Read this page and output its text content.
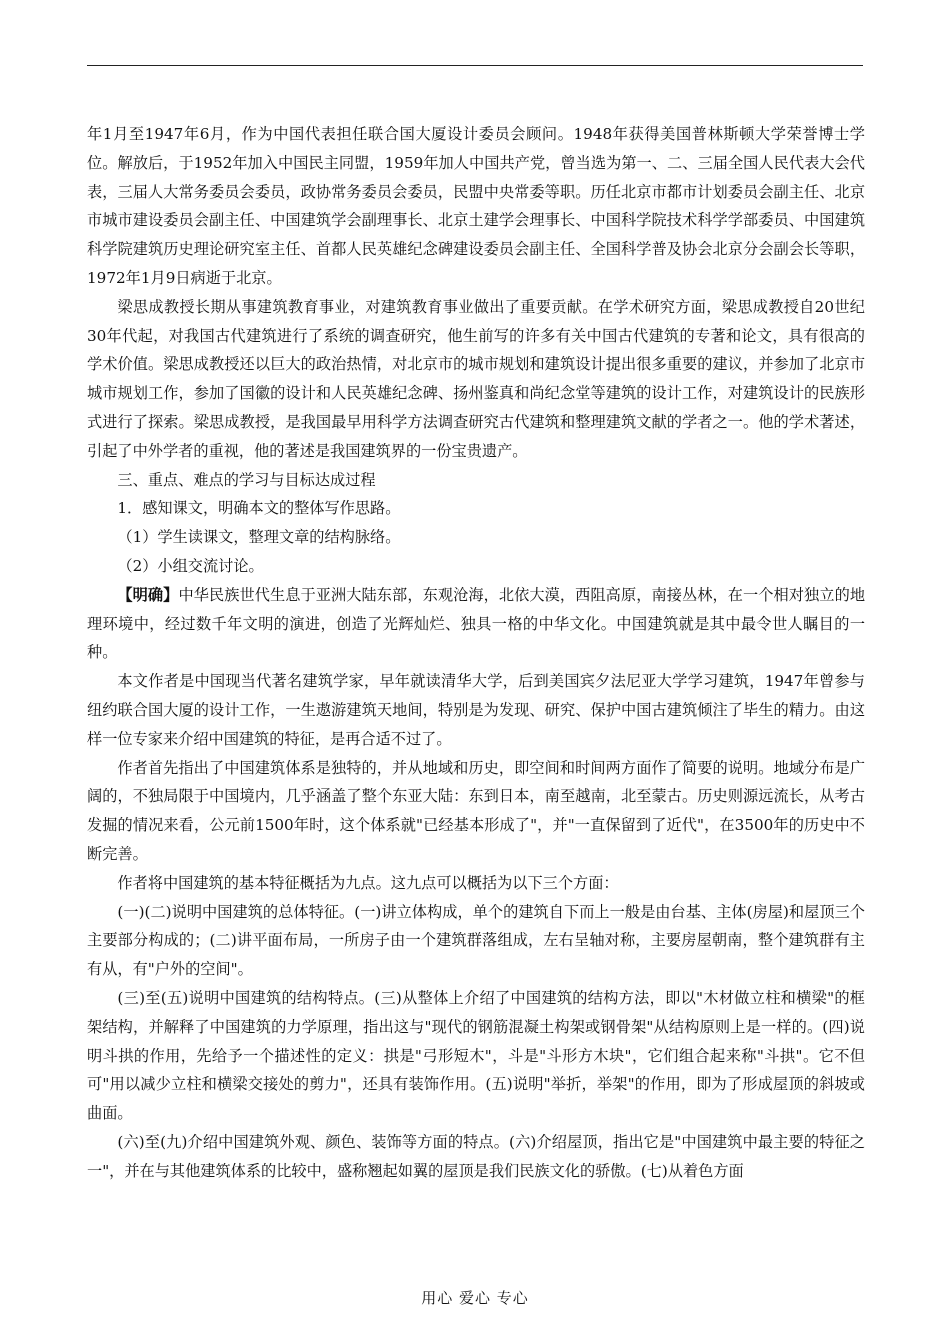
年1月至1947年6月，作为中国代表担任联合国大厦设计委员会顾问。1948年获得美国普林斯顿大学荣誉博士学位。解放后，于1952年加入中国民主同盟，1959年加人中国共产党，曾当选为第一、二、三届全国人民代表大会代表，三届人大常务委员会委员，政协常务委员会委员，民盟中央常委等职。历任北京市都市计划委员会副主任、北京市城市建设委员会副主任、中国建筑学会副理事长、北京土建学会理事长、中国科学院技术科学学部委员、中国建筑科学院建筑历史理论研究室主任、首都人民英雄纪念碑建设委员会副主任、全国科学普及协会北京分会副会长等职，1972年1月9日病逝于北京。

梁思成教授长期从事建筑教育事业，对建筑教育事业做出了重要贡献。在学术研究方面，梁思成教授自20世纪30年代起，对我国古代建筑进行了系统的调查研究，他生前写的许多有关中国古代建筑的专著和论文，具有很高的学术价值。梁思成教授还以巨大的政治热情，对北京市的城市规划和建筑设计提出很多重要的建议，并参加了北京市城市规划工作，参加了国徽的设计和人民英雄纪念碑、扬州鉴真和尚纪念堂等建筑的设计工作，对建筑设计的民族形式进行了探索。梁思成教授，是我国最早用科学方法调查研究古代建筑和整理建筑文献的学者之一。他的学术著述，引起了中外学者的重视，他的著述是我国建筑界的一份宝贵遗产。

三、重点、难点的学习与目标达成过程

1．感知课文，明确本文的整体写作思路。

（1）学生读课文，整理文章的结构脉络。

（2）小组交流讨论。

【明确】中华民族世代生息于亚洲大陆东部，东观沧海，北依大漠，西阻高原，南接丛林，在一个相对独立的地理环境中，经过数千年文明的演进，创造了光辉灿烂、独具一格的中华文化。中国建筑就是其中最令世人瞩目的一种。

本文作者是中国现当代著名建筑学家，早年就读清华大学，后到美国宾夕法尼亚大学学习建筑，1947年曾参与纽约联合国大厦的设计工作，一生遨游建筑天地间，特别是为发现、研究、保护中国古建筑倾注了毕生的精力。由这样一位专家来介绍中国建筑的特征，是再合适不过了。

作者首先指出了中国建筑体系是独特的，并从地域和历史，即空间和时间两方面作了简要的说明。地域分布是广阔的，不独局限于中国境内，几乎涵盖了整个东亚大陆：东到日本，南至越南，北至蒙古。历史则源远流长，从考古发掘的情况来看，公元前1500年时，这个体系就"已经基本形成了"，并"一直保留到了近代"，在3500年的历史中不断完善。

作者将中国建筑的基本特征概括为九点。这九点可以概括为以下三个方面：

(一)(二)说明中国建筑的总体特征。(一)讲立体构成，单个的建筑自下而上一般是由台基、主体(房屋)和屋顶三个主要部分构成的；(二)讲平面布局，一所房子由一个建筑群落组成，左右呈轴对称，主要房屋朝南，整个建筑群有主有从，有"户外的空间"。

(三)至(五)说明中国建筑的结构特点。(三)从整体上介绍了中国建筑的结构方法，即以"木材做立柱和横梁"的框架结构，并解释了中国建筑的力学原理，指出这与"现代的钢筋混凝土构架或钢骨架"从结构原则上是一样的。(四)说明斗拱的作用，先给予一个描述性的定义：拱是"弓形短木"，斗是"斗形方木块"，它们组合起来称"斗拱"。它不但可"用以减少立柱和横梁交接处的剪力"，还具有装饰作用。(五)说明"举折，举架"的作用，即为了形成屋顶的斜坡或曲面。

(六)至(九)介绍中国建筑外观、颜色、装饰等方面的特点。(六)介绍屋顶，指出它是"中国建筑中最主要的特征之一"，并在与其他建筑体系的比较中，盛称翘起如翼的屋顶是我们民族文化的骄傲。(七)从着色方面

用心 爱心 专心
